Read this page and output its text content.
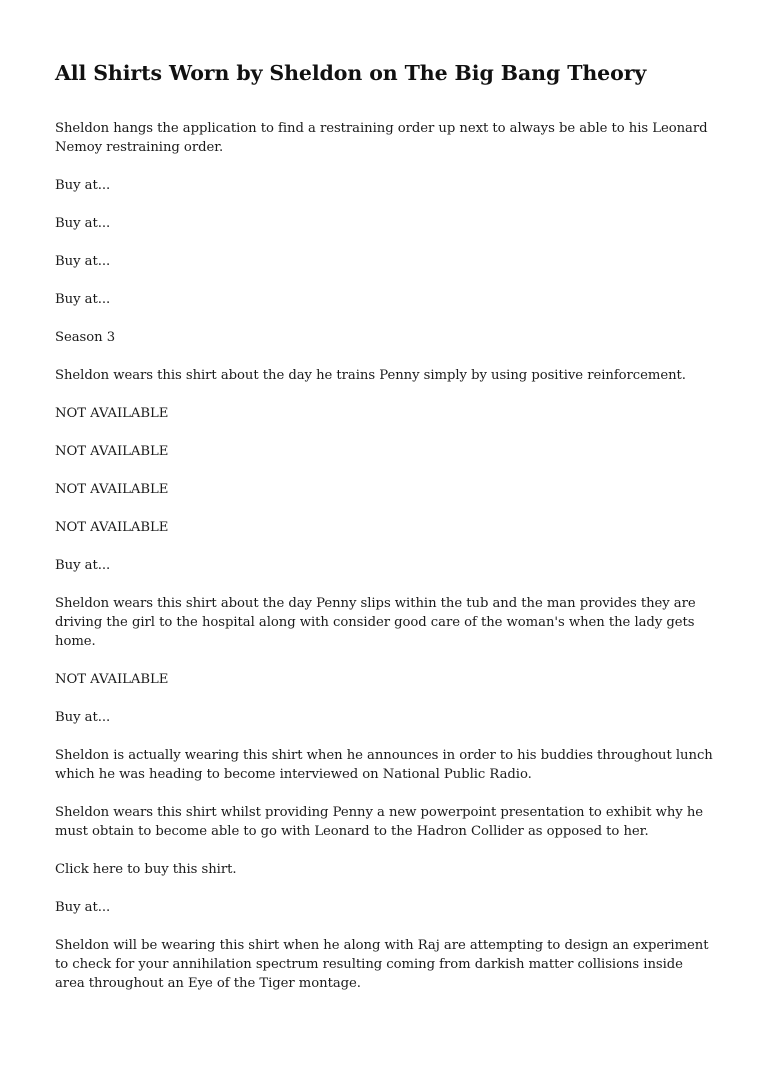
All Shirts Worn by Sheldon on The Big Bang Theory

Sheldon hangs the application to find a restraining order up next to always be able to his Leonard Nemoy restraining order.

Buy at...

Buy at...

Buy at...

Buy at...

Season 3

Sheldon wears this shirt about the day he trains Penny simply by using positive reinforcement.

NOT AVAILABLE

NOT AVAILABLE

NOT AVAILABLE

NOT AVAILABLE

Buy at...

Sheldon wears this shirt about the day Penny slips within the tub and the man provides they are driving the girl to the hospital along with consider good care of the woman's when the lady gets home.

NOT AVAILABLE

Buy at...

Sheldon is actually wearing this shirt when he announces in order to his buddies throughout lunch which he was heading to become interviewed on National Public Radio.

Sheldon wears this shirt whilst providing Penny a new powerpoint presentation to exhibit why he must obtain to become able to go with Leonard to the Hadron Collider as opposed to her.

Click here to buy this shirt.

Buy at...

Sheldon will be wearing this shirt when he along with Raj are attempting to design an experiment to check for your annihilation spectrum resulting coming from darkish matter collisions inside area throughout an Eye of the Tiger montage.
